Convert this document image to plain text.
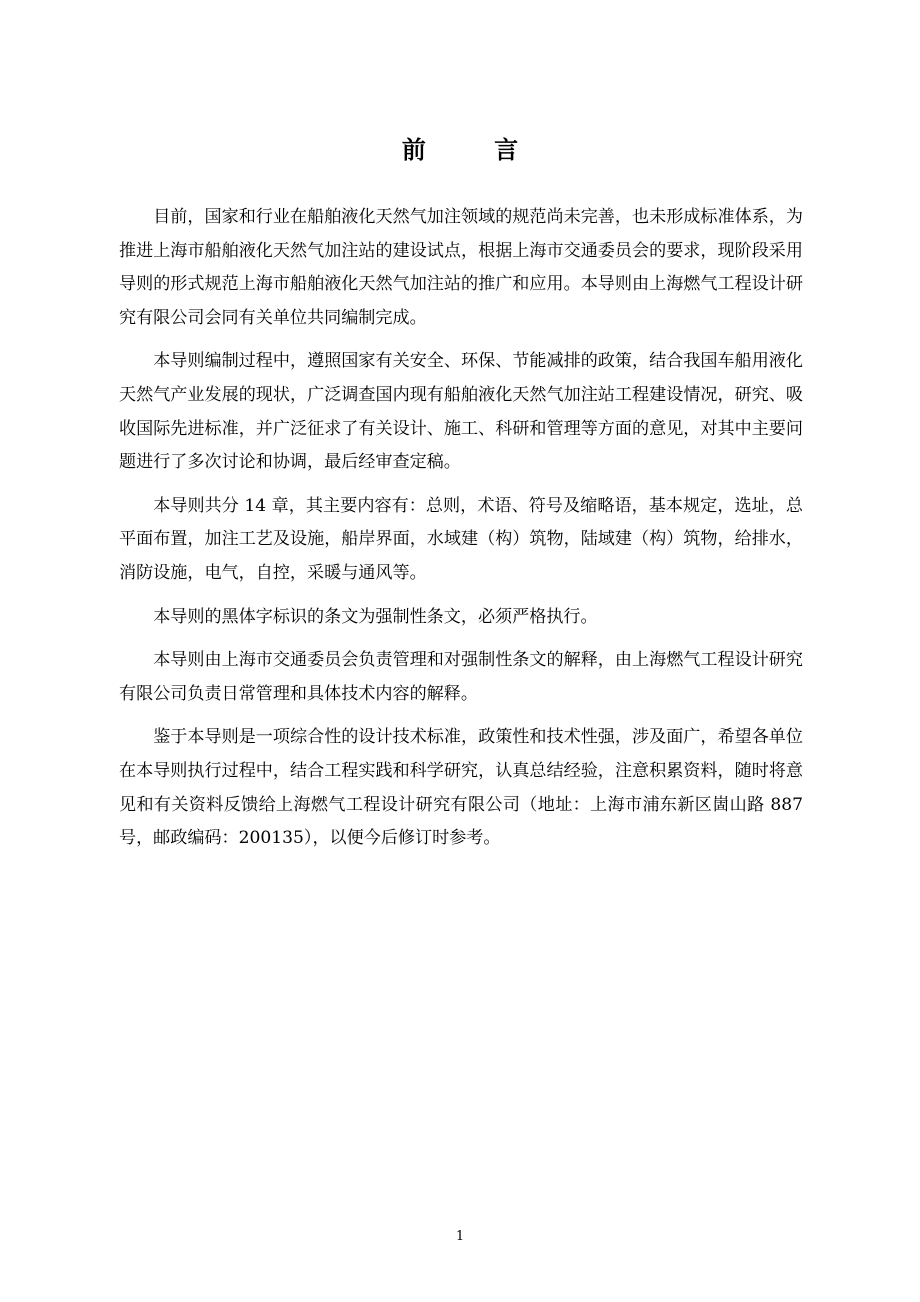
前 言

目前，国家和行业在船舶液化天然气加注领域的规范尚未完善，也未形成标准体系，为推进上海市船舶液化天然气加注站的建设试点，根据上海市交通委员会的要求，现阶段采用导则的形式规范上海市船舶液化天然气加注站的推广和应用。本导则由上海燃气工程设计研究有限公司会同有关单位共同编制完成。

本导则编制过程中，遵照国家有关安全、环保、节能减排的政策，结合我国车船用液化天然气产业发展的现状，广泛调查国内现有船舶液化天然气加注站工程建设情况，研究、吸收国际先进标准，并广泛征求了有关设计、施工、科研和管理等方面的意见，对其中主要问题进行了多次讨论和协调，最后经审查定稿。

本导则共分 14 章，其主要内容有：总则，术语、符号及缩略语，基本规定，选址，总平面布置，加注工艺及设施，船岸界面，水域建（构）筑物，陆域建（构）筑物，给排水，消防设施，电气，自控，采暖与通风等。

本导则的黑体字标识的条文为强制性条文，必须严格执行。

本导则由上海市交通委员会负责管理和对强制性条文的解释，由上海燃气工程设计研究有限公司负责日常管理和具体技术内容的解释。

鉴于本导则是一项综合性的设计技术标准，政策性和技术性强，涉及面广，希望各单位在本导则执行过程中，结合工程实践和科学研究，认真总结经验，注意积累资料，随时将意见和有关资料反馈给上海燃气工程设计研究有限公司（地址：上海市浦东新区崮山路 887 号，邮政编码：200135），以便今后修订时参考。

1
